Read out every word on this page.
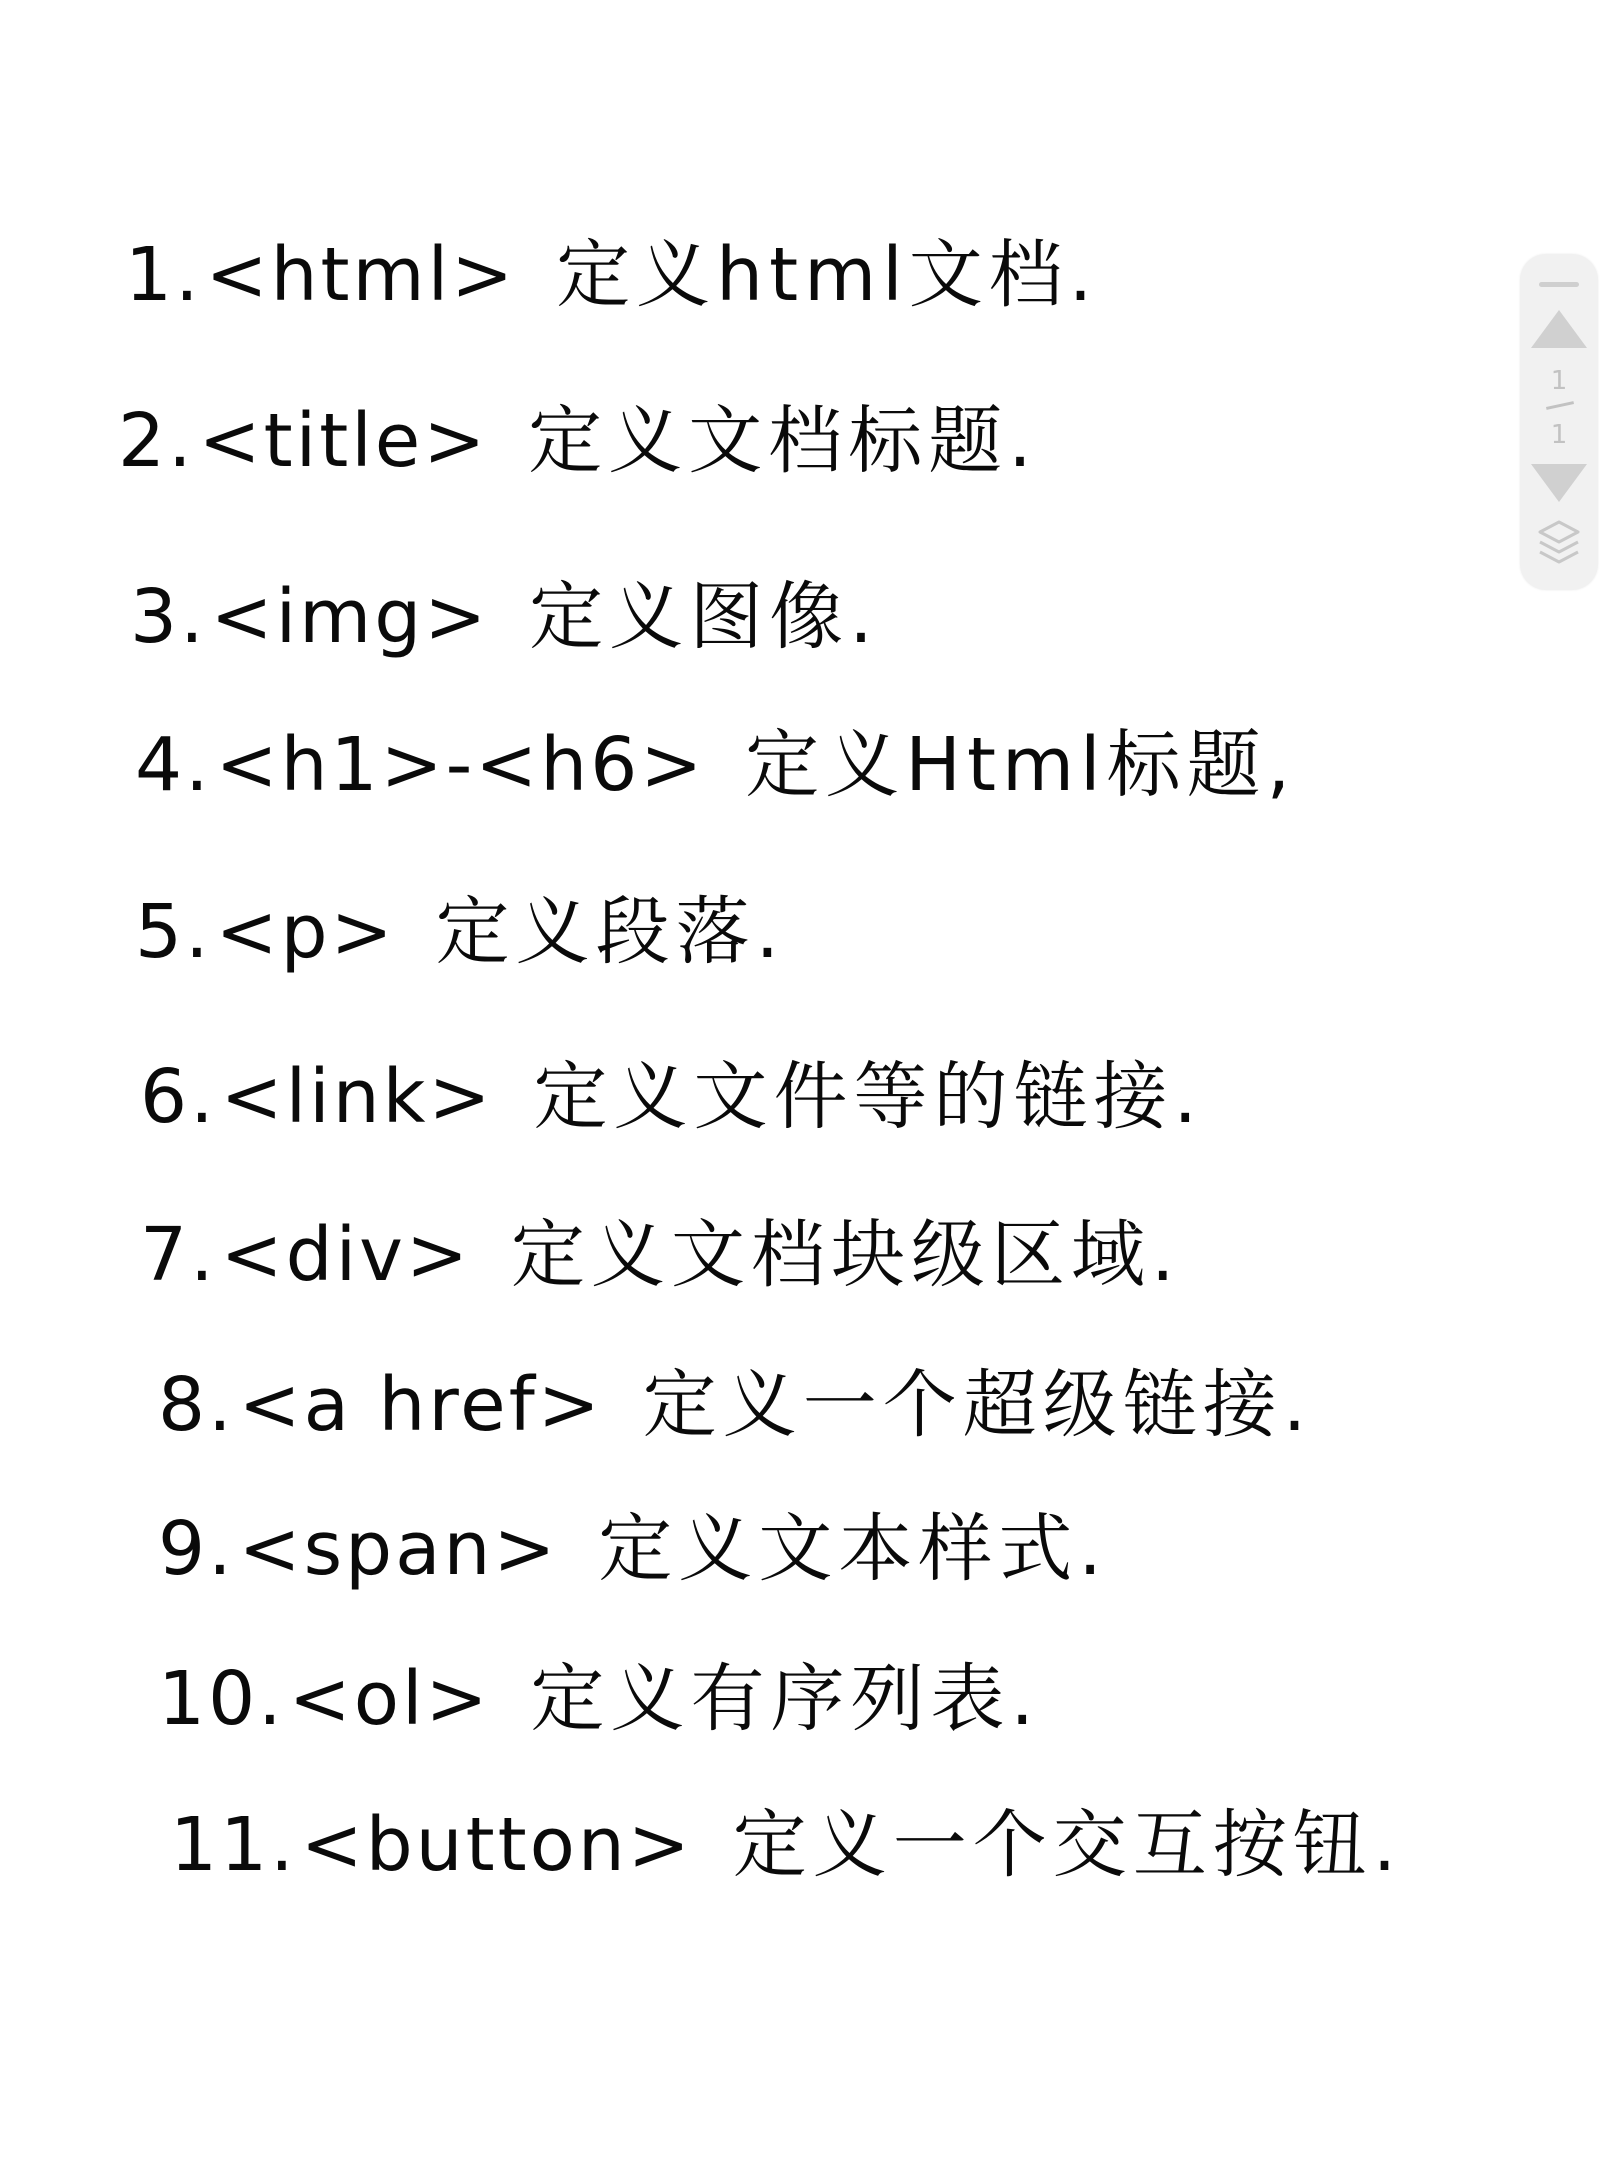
1.<html> 定义html文档.
2.<title> 定义文档标题.
3.<img> 定义图像.
4.<h1>-<h6> 定义Html标题,
5.<p> 定义段落.
6.<link> 定义文件等的链接.
7.<div> 定义文档块级区域.
8.<a href> 定义一个超级链接.
9.<span> 定义文本样式.
10.<ol> 定义有序列表.
11.<button> 定义一个交互按钮.
1
1
